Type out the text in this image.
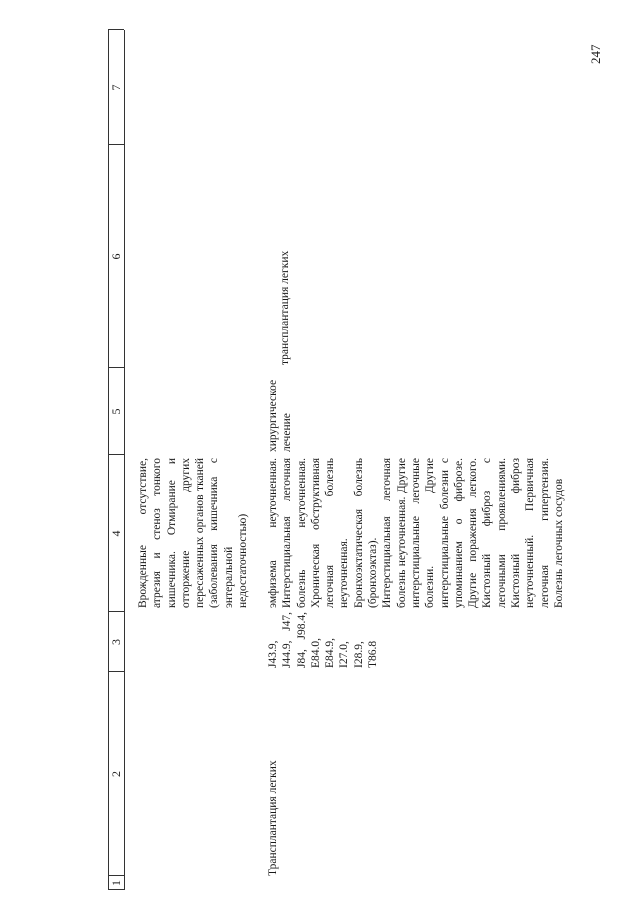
247
1
2
3
4
5
6
7

Врожденные отсутствие, атрезия и стеноз тонкого кишечника. Отмирание и отторжение других пересаженных органов тканей (заболевания кишечника с энтеральной недостаточностью)

Трансплантация легких

J43.9, J44.9, J47, J84, J98.4, E84.0, E84.9, I27.0, I28.9, T86.8

эмфизема неуточненная. Интерстициальная легочная болезнь неуточненная. Хроническая обструктивная легочная болезнь неуточненная. Бронхоэктатическая болезнь (бронхоэктаз). Интерстициальная легочная болезнь неуточненная. Другие интерстициальные легочные болезни. Другие интерстициальные болезни с упоминанием о фиброзе. Другие поражения легкого. Кистозный фиброз с легочными проявлениями. Кистозный фиброз неуточненный. Первичная легочная гипертензия. Болезнь легочных сосудов

хирургическое лечение

трансплантация легких
